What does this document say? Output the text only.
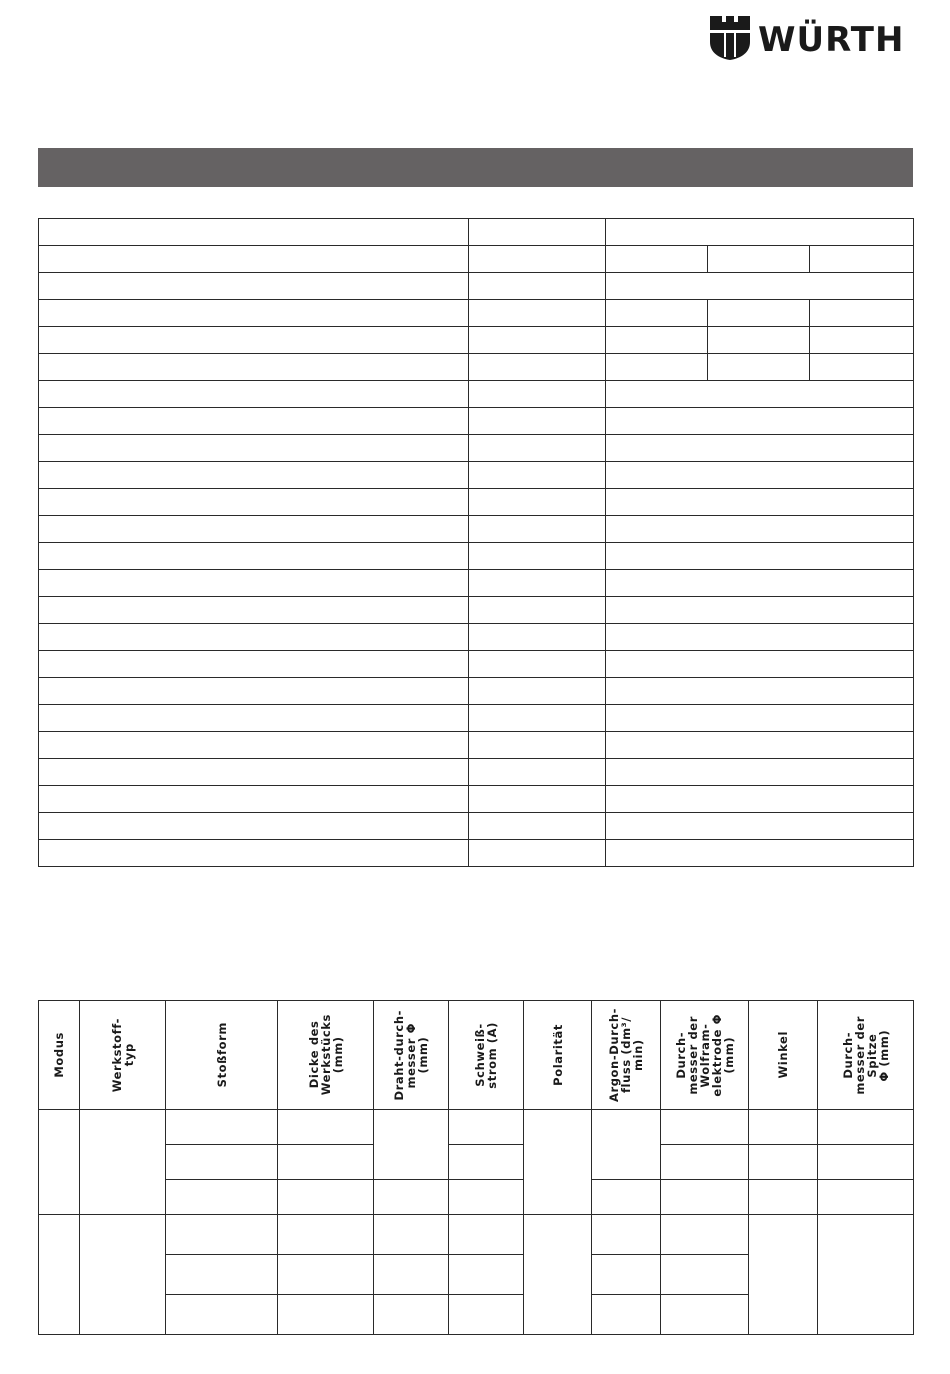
WÜRTH

Modus	Werkstoff-
typ	Stoßform	Dicke des
Werkstücks
(mm)	Draht-durch-
messer Φ
(mm)	Schweiß-
strom (A)	Polarität	Argon-Durch-
fluss (dm³/
min)	Durch-
messer der
Wolfram-
elektrode Φ
(mm)	Winkel	Durch-
messer der
Spitze
Φ (mm)
